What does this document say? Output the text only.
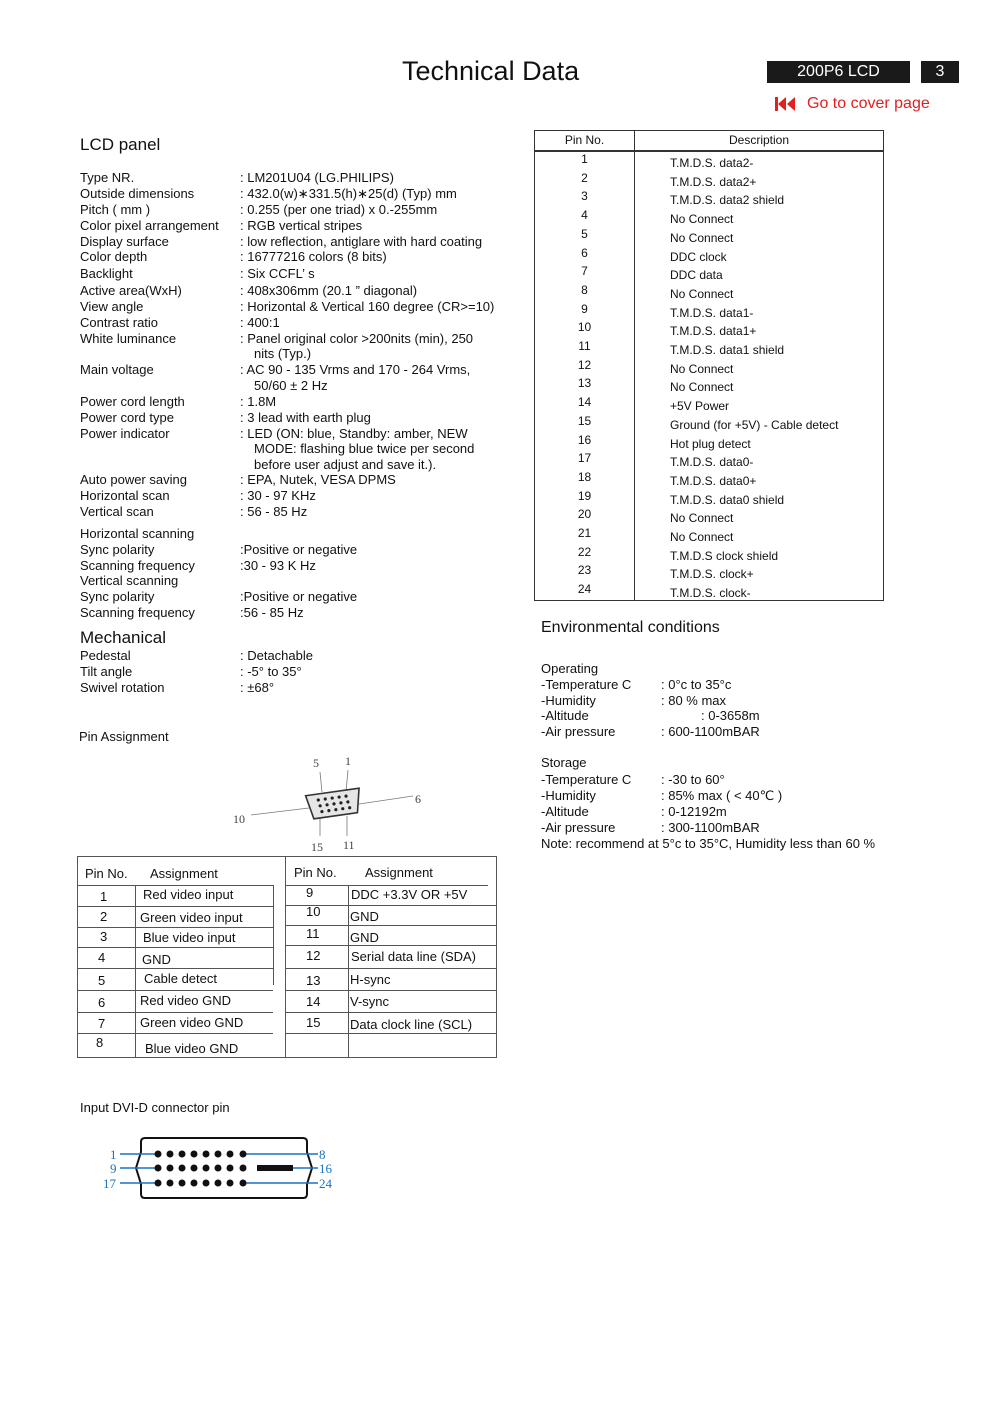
Technical Data	200P6 LCD	3
Go to cover page
LCD panel
Type NR.	: LM201U04 (LG.PHILIPS)
Outside dimensions	: 432.0(w)∗331.5(h)∗25(d) (Typ) mm
Pitch ( mm )	: 0.255 (per one triad) x 0.-255mm
Color pixel arrangement : RGB vertical stripes
Display surface	: low reflection, antiglare with hard coating
Color depth	: 16777216 colors (8 bits)
Backlight	: Six CCFL’ s
Active area(WxH)	: 408x306mm (20.1 ” diagonal)
View angle	: Horizontal & Vertical 160 degree (CR>=10)
Contrast ratio	: 400:1
White luminance	: Panel original color >200nits (min), 250
nits (Typ.)
Main voltage	: AC 90 - 135 Vrms and 170 - 264 Vrms,
50/60 ± 2 Hz
Power cord length	: 1.8M
Power cord type	: 3 lead with earth plug
Power indicator	: LED (ON: blue, Standby: amber, NEW
MODE: flashing blue twice per second
before user adjust and save it.).
Auto power saving	: EPA, Nutek, VESA DPMS
Horizontal scan	: 30 - 97 KHz
Vertical scan	: 56 - 85 Hz
Horizontal scanning
Sync polarity	:Positive or negative
Scanning frequency	:30 - 93 K Hz
Vertical scanning
Sync polarity	:Positive or negative
Scanning frequency	:56 - 85 Hz
Mechanical
Pedestal	: Detachable
Tilt angle	: -5° to 35°
Swivel rotation	: ±68°
Pin Assignment
5 1
6
10
15 11
Pin No. Assignment	Pin No. Assignment
1	Red video input
2	Green video input
3	Blue video input
4	GND
5	Cable detect
6	Red video GND
7	Green video GND
8	Blue video GND
9	DDC +3.3V OR +5V
10 GND
11 GND
12 Serial data line (SDA)
13 H-sync
14 V-sync
15 Data clock line (SCL)
Input DVI-D connector pin
1
9
17
8
16
24
Pin No.	Description
1	T.M.D.S. data2-
2	T.M.D.S. data2+
3	T.M.D.S. data2 shield
4	No Connect
5	No Connect
6	DDC clock
7	DDC data
8	No Connect
9	T.M.D.S. data1-
10	T.M.D.S. data1+
11	T.M.D.S. data1 shield
12	No Connect
13	No Connect
14	+5V Power
15	Ground (for +5V) - Cable detect
16	Hot plug detect
17	T.M.D.S. data0-
18	T.M.D.S. data0+
19	T.M.D.S. data0 shield
20	No Connect
21	No Connect
22	T.M.D.S clock shield
23	T.M.D.S. clock+
24	T.M.D.S. clock-
Environmental conditions
Operating
-Temperature C : 0°c to 35°c
-Humidity	: 80 % max
-Altitude	: 0-3658m
-Air pressure	: 600-1100mBAR
Storage
-Temperature C : -30 to 60°
-Humidity	: 85% max ( < 40℃ )
-Altitude	: 0-12192m
-Air pressure	: 300-1100mBAR
Note: recommend at 5°c to 35°C, Humidity less than 60 %
